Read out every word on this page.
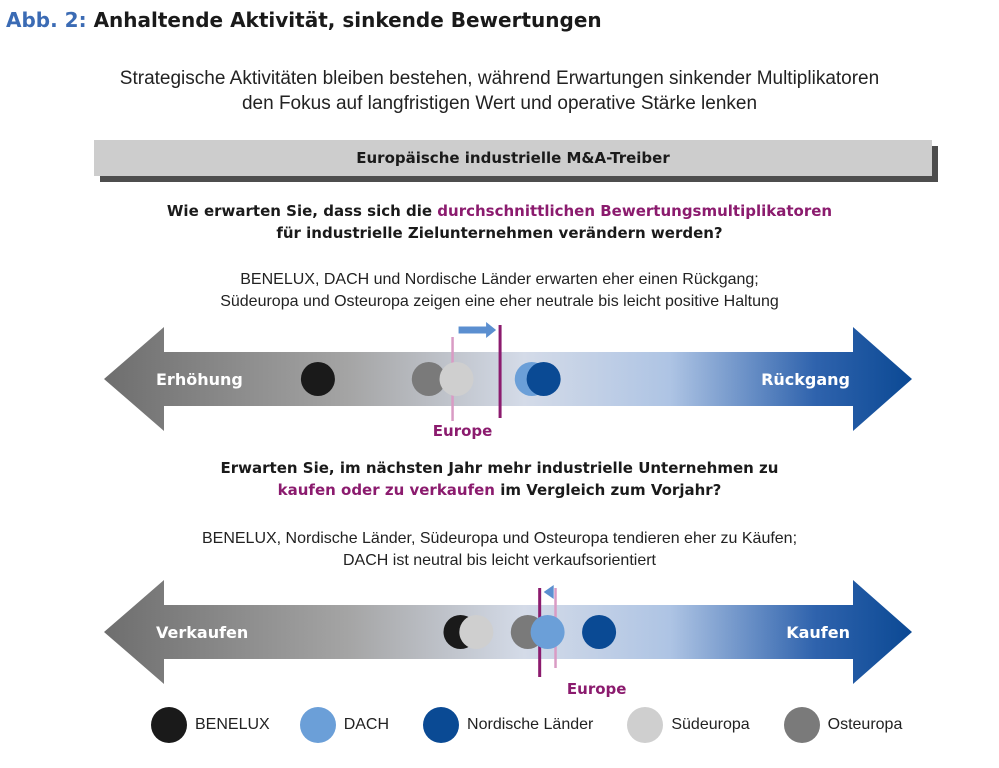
Abb. 2: Anhaltende Aktivität, sinkende Bewertungen
Strategische Aktivitäten bleiben bestehen, während Erwartungen sinkender Multiplikatoren
den Fokus auf langfristigen Wert und operative Stärke lenken
Europäische industrielle M&A-Treiber
Wie erwarten Sie, dass sich die durchschnittlichen Bewertungsmultiplikatoren
für industrielle Zielunternehmen verändern werden?
BENELUX, DACH und Nordische Länder erwarten eher einen Rückgang;
Südeuropa und Osteuropa zeigen eine eher neutrale bis leicht positive Haltung
Erwarten Sie, im nächsten Jahr mehr industrielle Unternehmen zu
kaufen oder zu verkaufen im Vergleich zum Vorjahr?
BENELUX, Nordische Länder, Südeuropa und Osteuropa tendieren eher zu Käufen;
DACH ist neutral bis leicht verkaufsorientiert
Erhöhung	Rückgang
Europe
Verkaufen	Kaufen
Europe
BENELUX	DACH	Nordische Länder	Südeuropa	Osteuropa
